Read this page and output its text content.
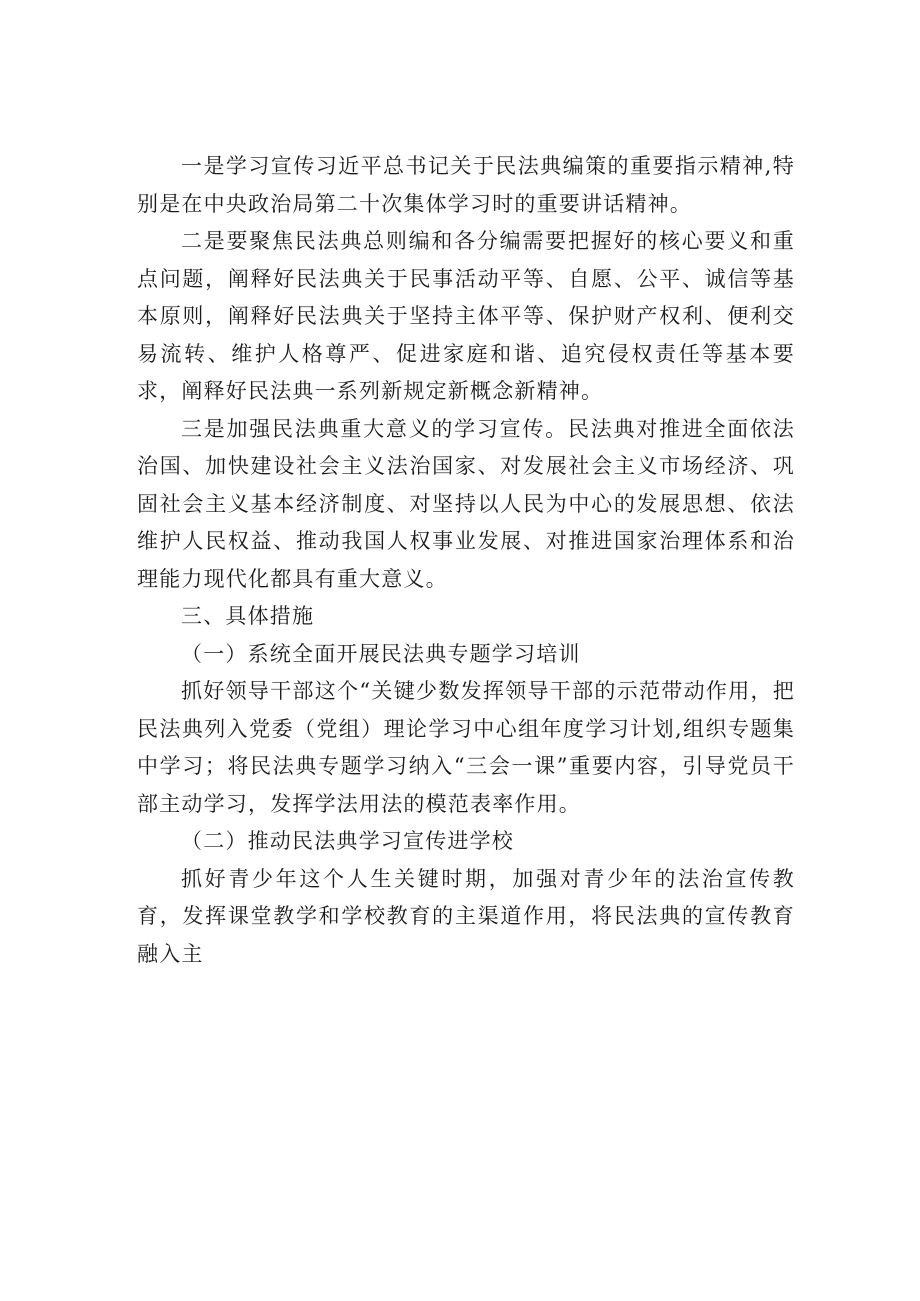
一是学习宣传习近平总书记关于民法典编策的重要指示精神,特别是在中央政治局第二十次集体学习时的重要讲话精神。

二是要聚焦民法典总则编和各分编需要把握好的核心要义和重点问题，阐释好民法典关于民事活动平等、自愿、公平、诚信等基本原则，阐释好民法典关于坚持主体平等、保护财产权利、便利交易流转、维护人格尊严、促进家庭和谐、追究侵权责任等基本要求，阐释好民法典一系列新规定新概念新精神。

三是加强民法典重大意义的学习宣传。民法典对推进全面依法治国、加快建设社会主义法治国家、对发展社会主义市场经济、巩固社会主义基本经济制度、对坚持以人民为中心的发展思想、依法维护人民权益、推动我国人权事业发展、对推进国家治理体系和治理能力现代化都具有重大意义。

三、具体措施

（一）系统全面开展民法典专题学习培训

抓好领导干部这个“关键少数发挥领导干部的示范带动作用，把民法典列入党委（党组）理论学习中心组年度学习计划,组织专题集中学习；将民法典专题学习纳入“三会一课”重要内容，引导党员干部主动学习，发挥学法用法的模范表率作用。

（二）推动民法典学习宣传进学校

抓好青少年这个人生关键时期，加强对青少年的法治宣传教育，发挥课堂教学和学校教育的主渠道作用，将民法典的宣传教育融入主
